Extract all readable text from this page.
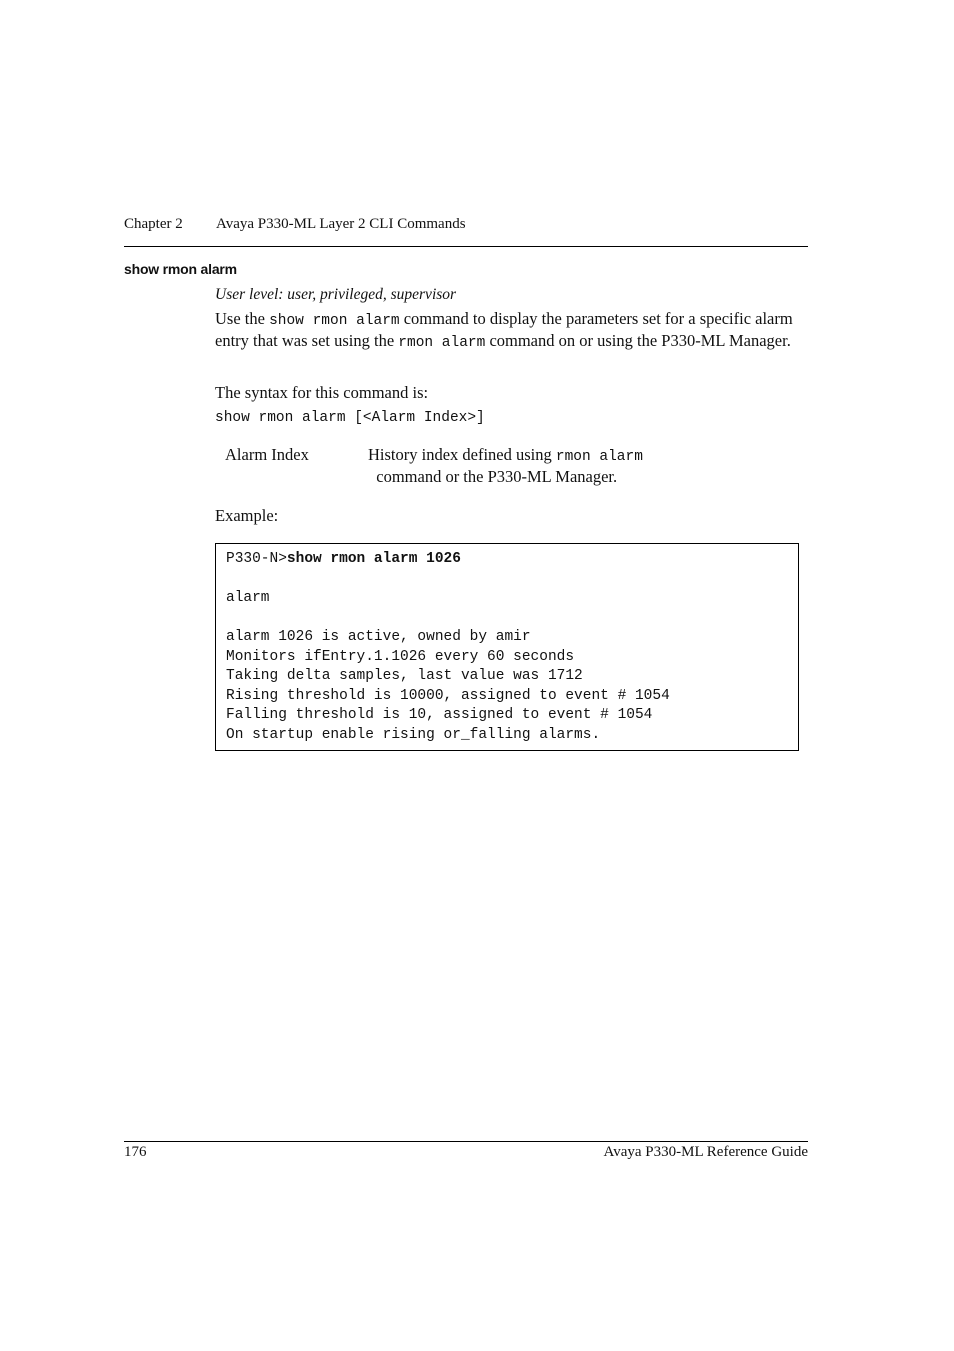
Chapter 2 Avaya P330-ML Layer 2 CLI Commands
show rmon alarm
User level: user, privileged, supervisor
Use the show rmon alarm command to display the parameters set for a specific alarm entry that was set using the rmon alarm command on or using the P330-ML Manager.
The syntax for this command is:
show rmon alarm [<Alarm Index>]
Alarm Index	History index defined using rmon alarm  command or the P330-ML Manager.
Example:
P330-N>show rmon alarm 1026

alarm

alarm 1026 is active, owned by amir
Monitors ifEntry.1.1026 every 60 seconds
Taking delta samples, last value was 1712
Rising threshold is 10000, assigned to event # 1054
Falling threshold is 10, assigned to event # 1054
On startup enable rising or_falling alarms.
176	Avaya P330-ML Reference Guide
